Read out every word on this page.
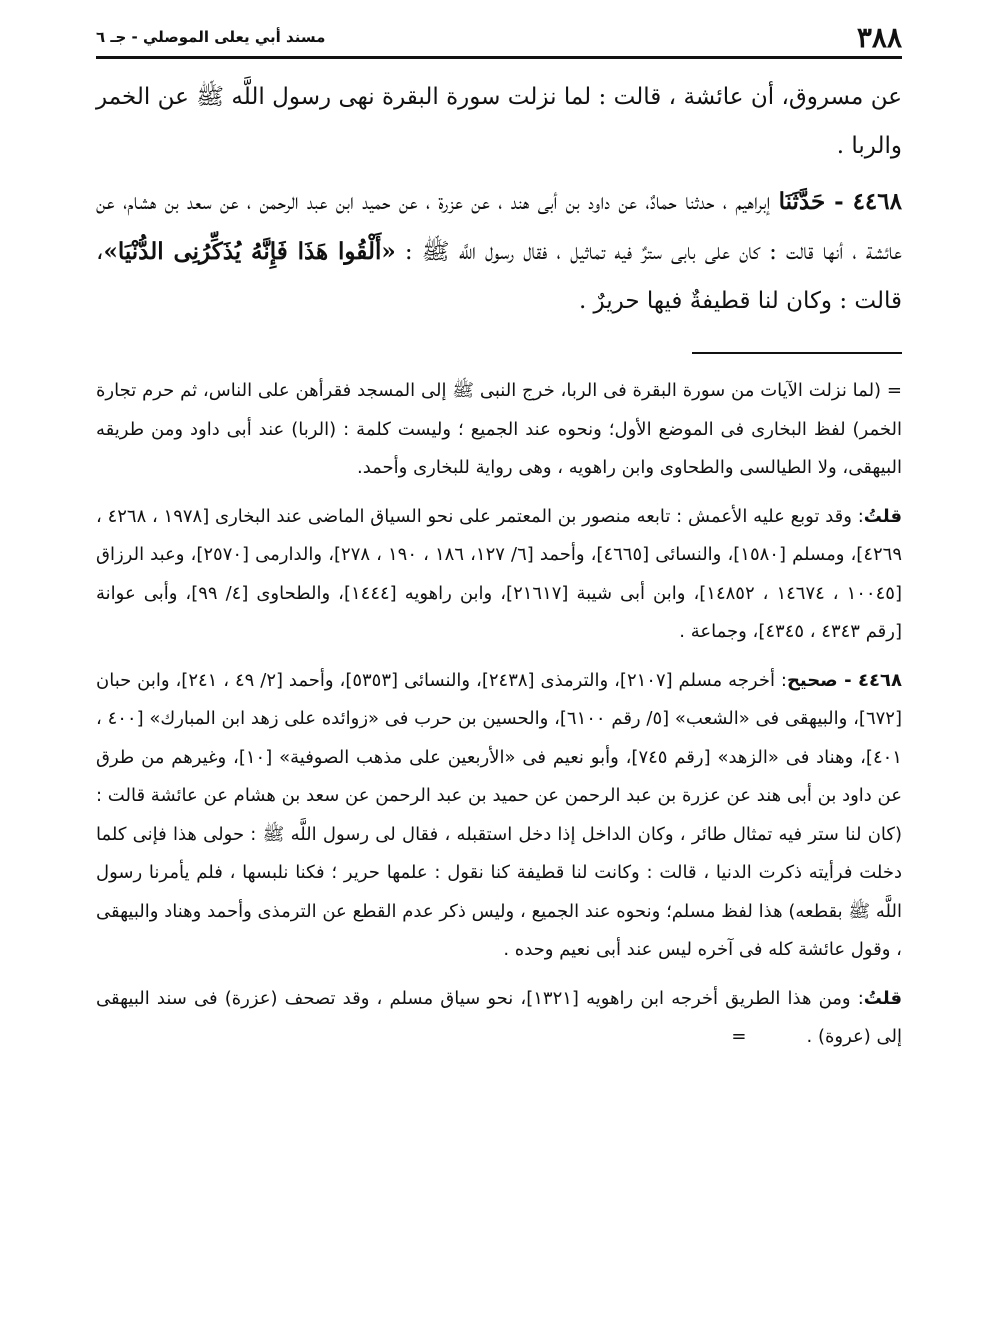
٣٨٨
مسند أبي يعلى الموصلي - جـ ٦

عن مسروق، أن عائشة ، قالت : لما نزلت سورة البقرة نهى رسول اللَّه ﷺ عن الخمر والربا .

٤٤٦٨ - حَدَّثَنَا إبراهيم ، حدثنا حمادٌ، عن داود بن أبى هند ، عن عزرة ، عن حميد ابن عبد الرحمن ، عن سعد بن هشام، عن عائشة ، أنها قالت : كان على بابى سترٌ فيه تماثيل ، فقال رسول اللَّه ﷺ : «أَلْقُوا هَذَا فَإِنَّهُ يُذَكِّرُنِى الدُّنْيَا»، قالت : وكان لنا قطيفةٌ فيها حريرٌ .

= (لما نزلت الآيات من سورة البقرة فى الربا، خرج النبى ﷺ إلى المسجد فقرأهن على الناس، ثم حرم تجارة الخمر) لفظ البخارى فى الموضع الأول؛ ونحوه عند الجميع ؛ وليست كلمة : (الربا) عند أبى داود ومن طريقه البيهقى، ولا الطيالسى والطحاوى وابن راهويه ، وهى رواية للبخارى وأحمد.

قلتُ: وقد توبع عليه الأعمش : تابعه منصور بن المعتمر على نحو السياق الماضى عند البخارى [١٩٧٨ ، ٤٢٦٨ ، ٤٢٦٩]، ومسلم [١٥٨٠]، والنسائى [٤٦٦٥]، وأحمد [٦/ ١٢٧، ١٨٦ ، ١٩٠ ، ٢٧٨]، والدارمى [٢٥٧٠]، وعبد الرزاق [١٠٠٤٥ ، ١٤٦٧٤ ، ١٤٨٥٢]، وابن أبى شيبة [٢١٦١٧]، وابن راهويه [١٤٤٤]، والطحاوى [٤/ ٩٩]، وأبى عوانة [رقم ٤٣٤٣ ، ٤٣٤٥]، وجماعة .

٤٤٦٨ - صحيح: أخرجه مسلم [٢١٠٧]، والترمذى [٢٤٣٨]، والنسائى [٥٣٥٣]، وأحمد [٢/ ٤٩ ، ٢٤١]، وابن حبان [٦٧٢]، والبيهقى فى «الشعب» [٥/ رقم ٦١٠٠]، والحسين بن حرب فى «زوائده على زهد ابن المبارك» [٤٠٠ ، ٤٠١]، وهناد فى «الزهد» [رقم ٧٤٥]، وأبو نعيم فى «الأربعين على مذهب الصوفية» [١٠]، وغيرهم من طرق عن داود بن أبى هند عن عزرة بن عبد الرحمن عن حميد بن عبد الرحمن عن سعد بن هشام عن عائشة قالت : (كان لنا ستر فيه تمثال طائر ، وكان الداخل إذا دخل استقبله ، فقال لى رسول اللَّه ﷺ : حولى هذا فإنى كلما دخلت فرأيته ذكرت الدنيا ، قالت : وكانت لنا قطيفة كنا نقول : علمها حرير ؛ فكنا نلبسها ، فلم يأمرنا رسول اللَّه ﷺ بقطعه) هذا لفظ مسلم؛ ونحوه عند الجميع ، وليس ذكر عدم القطع عن الترمذى وأحمد وهناد والبيهقى ، وقول عائشة كله فى آخره ليس عند أبى نعيم وحده .

قلتُ: ومن هذا الطريق أخرجه ابن راهويه [١٣٢١]، نحو سياق مسلم ، وقد تصحف (عزرة) فى سند البيهقى إلى (عروة) .=
